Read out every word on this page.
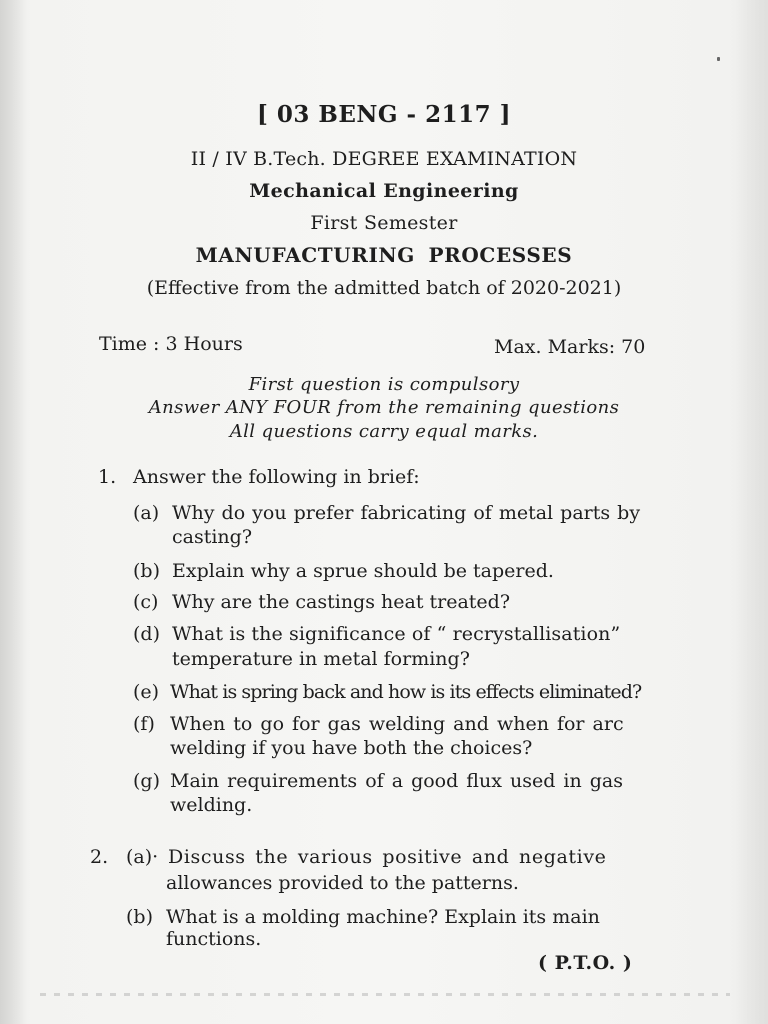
[ 03 BENG - 2117 ]
II / IV B.Tech. DEGREE EXAMINATION
Mechanical Engineering
First Semester
MANUFACTURING PROCESSES
(Effective from the admitted batch of 2020-2021)
Time : 3 Hours	Max. Marks: 70
First question is compulsory
Answer ANY FOUR from the remaining questions
All questions carry equal marks.
1. Answer the following in brief:
(a) Why do you prefer fabricating of metal parts by
casting?
(b) Explain why a sprue should be tapered.
(c) Why are the castings heat treated?
(d) What is the significance of “ recrystallisation”
temperature in metal forming?
(e) What is spring back and how is its effects eliminated?
(f) When to go for gas welding and when for arc
welding if you have both the choices?
(g) Main requirements of a good flux used in gas
welding.
2. (a)· Discuss the various positive and negative
allowances provided to the patterns.
(b) What is a molding machine? Explain its main
functions.
( P.T.O. )
